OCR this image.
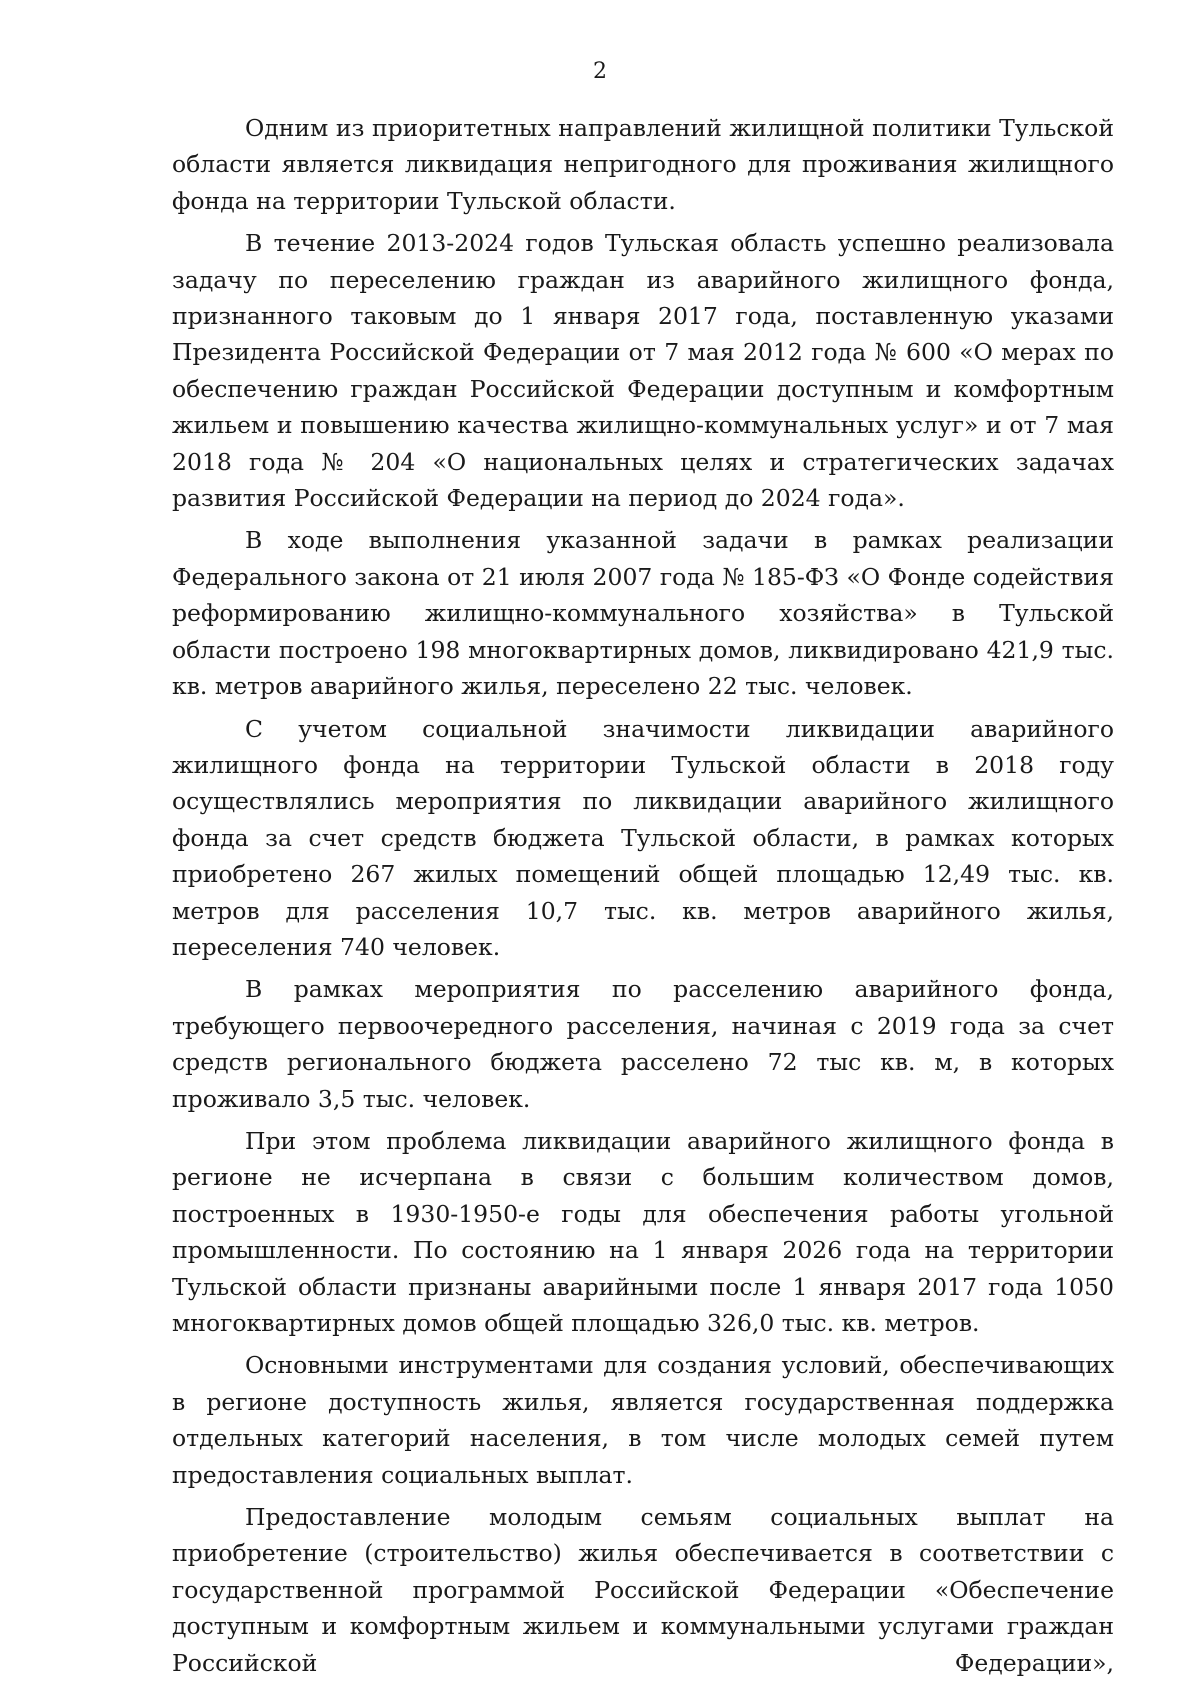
2

Одним из приоритетных направлений жилищной политики Тульской области является ликвидация непригодного для проживания жилищного фонда на территории Тульской области.

В течение 2013-2024 годов Тульская область успешно реализовала задачу по переселению граждан из аварийного жилищного фонда, признанного таковым до 1 января 2017 года, поставленную указами Президента Российской Федерации от 7 мая 2012 года № 600 «О мерах по обеспечению граждан Российской Федерации доступным и комфортным жильем и повышению качества жилищно-коммунальных услуг» и от 7 мая 2018 года № 204 «О национальных целях и стратегических задачах развития Российской Федерации на период до 2024 года».

В ходе выполнения указанной задачи в рамках реализации Федерального закона от 21 июля 2007 года № 185-ФЗ «О Фонде содействия реформированию жилищно-коммунального хозяйства» в Тульской области построено 198 многоквартирных домов, ликвидировано 421,9 тыс. кв. метров аварийного жилья, переселено 22 тыс. человек.

С учетом социальной значимости ликвидации аварийного жилищного фонда на территории Тульской области в 2018 году осуществлялись мероприятия по ликвидации аварийного жилищного фонда за счет средств бюджета Тульской области, в рамках которых приобретено 267 жилых помещений общей площадью 12,49 тыс. кв. метров для расселения 10,7 тыс. кв. метров аварийного жилья, переселения 740 человек.

В рамках мероприятия по расселению аварийного фонда, требующего первоочередного расселения, начиная с 2019 года за счет средств регионального бюджета расселено 72 тыс кв. м, в которых проживало 3,5 тыс. человек.

При этом проблема ликвидации аварийного жилищного фонда в регионе не исчерпана в связи с большим количеством домов, построенных в 1930-1950-е годы для обеспечения работы угольной промышленности. По состоянию на 1 января 2026 года на территории Тульской области признаны аварийными после 1 января 2017 года 1050 многоквартирных домов общей площадью 326,0 тыс. кв. метров.

Основными инструментами для создания условий, обеспечивающих в регионе доступность жилья, является государственная поддержка отдельных категорий населения, в том числе молодых семей путем предоставления социальных выплат.

Предоставление молодым семьям социальных выплат на приобретение (строительство) жилья обеспечивается в соответствии с государственной программой Российской Федерации «Обеспечение доступным и комфортным жильем и коммунальными услугами граждан Российской Федерации»,
